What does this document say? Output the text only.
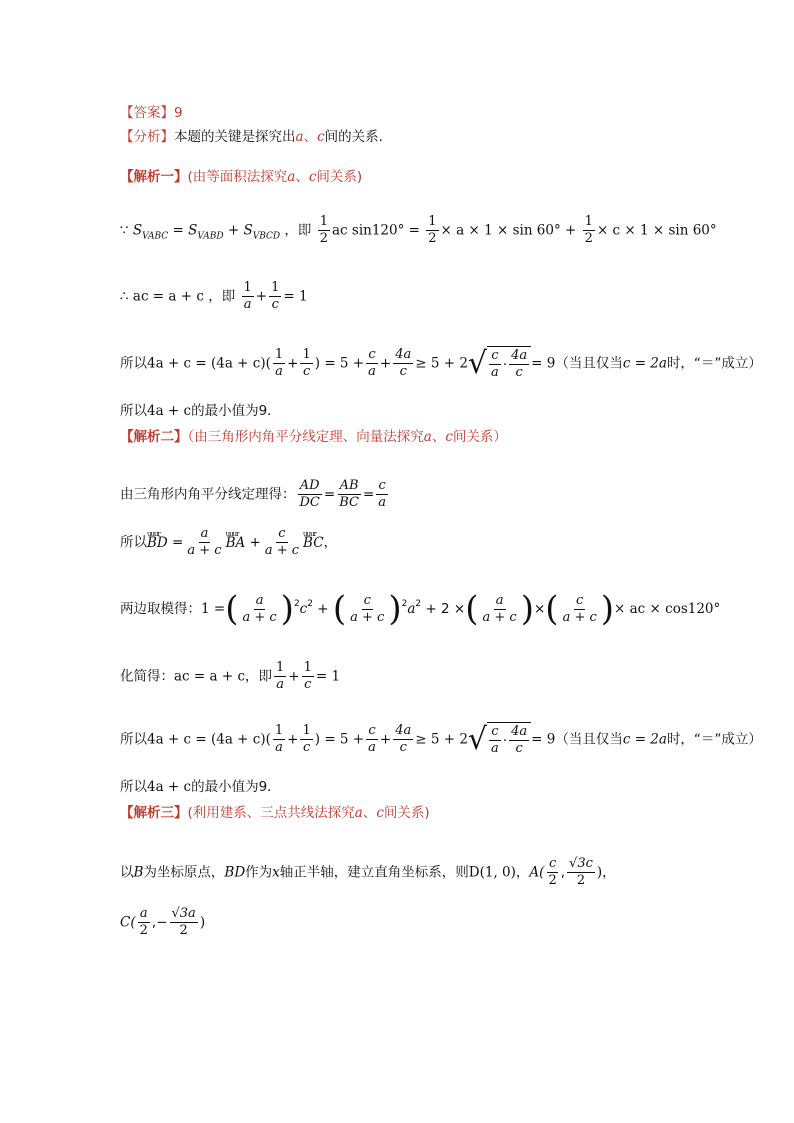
【答案】9
【分析】本题的关键是探究出a、c间的关系.
【解析一】(由等面积法探究a、c间关系)
∵ $S_{VABC} = S_{VABD} + S_{VBCD}$ ，即 $\frac{1}{2}$ ac $\sin 120^\circ = \frac{1}{2} \times a \times 1 \times \sin 60^\circ + \frac{1}{2} \times c \times 1 \times \sin 60^\circ$
∴ ac = a + c ，即 $\frac{1}{a} + \frac{1}{c} = 1$
所以$4a + c = (4a + c)( \frac{1}{a} + \frac{1}{c}$ ) = $5 + \frac{c}{a} + \frac{4a}{c} \ge 5 + 2$ √ $\frac{c}{a} \cdot \frac{4a}{c} = 9$（当且仅当c = 2a时，“＝”成立）
所以4a + c的最小值为9．
【解析二】（由三角形内角平分线定理、向量法探究a、c间关系）
由三角形内角平分线定理得： $\frac{AD}{DC} = \frac{AB}{BC} = \frac{c}{a}$
所以uuur BD = $\frac{a}{a + c}$ uuur BA + $\frac{c}{a + c}$ uuur BC，
两边取模得：1 =( $\frac{a}{a + c} )^2c^2$ + ( $\frac{c}{a + c} )^2a^2 + 2$ ×( $\frac{a}{a + c}$ )×( $\frac{c}{a + c}$ )× ac × cos120°
化简得：ac = a + c，即 $\frac{1}{a} + \frac{1}{c} = 1$
所以$4a + c = (4a + c)( \frac{1}{a} + \frac{1}{c}$ ) = $5 + \frac{c}{a} + \frac{4a}{c} \ge 5 + 2$ √ $\frac{c}{a} \cdot \frac{4a}{c} = 9$（当且仅当c = 2a时，“＝”成立）
所以4a + c的最小值为9．
【解析三】(利用建系、三点共线法探究a、c间关系)
以B为坐标原点，BD作为x轴正半轴，建立直角坐标系，则D(1, 0)，$A( \frac{c}{2}$ , $\frac{√3c}{2}$ )，
$C( \frac{a}{2}$ ,− $\frac{√3a}{2}$ )
